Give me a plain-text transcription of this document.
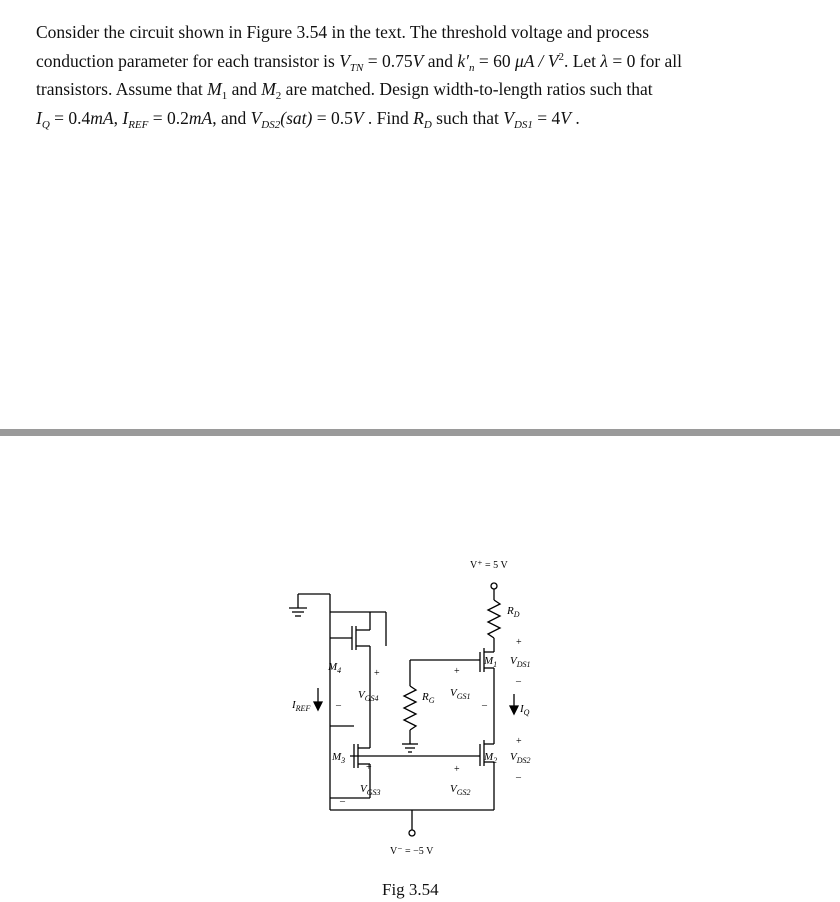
Consider the circuit shown in Figure 3.54 in the text. The threshold voltage and process
conduction parameter for each transistor is $V_{TN} = 0.75V$ and $k'_n = 60$ μA / $V^2$. Let λ = 0 for all
transistors. Assume that $M_1$ and $M_2$ are matched. Design width-to-length ratios such that
$I_Q = 0.4mA$, $I_{REF} = 0.2mA$, and $V_{DS2}(sat) = 0.5V$ . Find $R_D$ such that $V_{DS1} = 4V$ .
V⁺ = 5 V
$R_D$
+
$M_1$ $V_{DS1}$
–
$I_Q$
+
$V_{GS1}$
–
$R_G$
$M_4$	+
$V_{GS4}$
–
$I_{REF}$
$M_3$
+
$V_{GS3}$
–
+
$V_{GS2}$
+
$M_2$ $V_{DS2}$
–
V⁻ = −5 V
Fig 3.54
